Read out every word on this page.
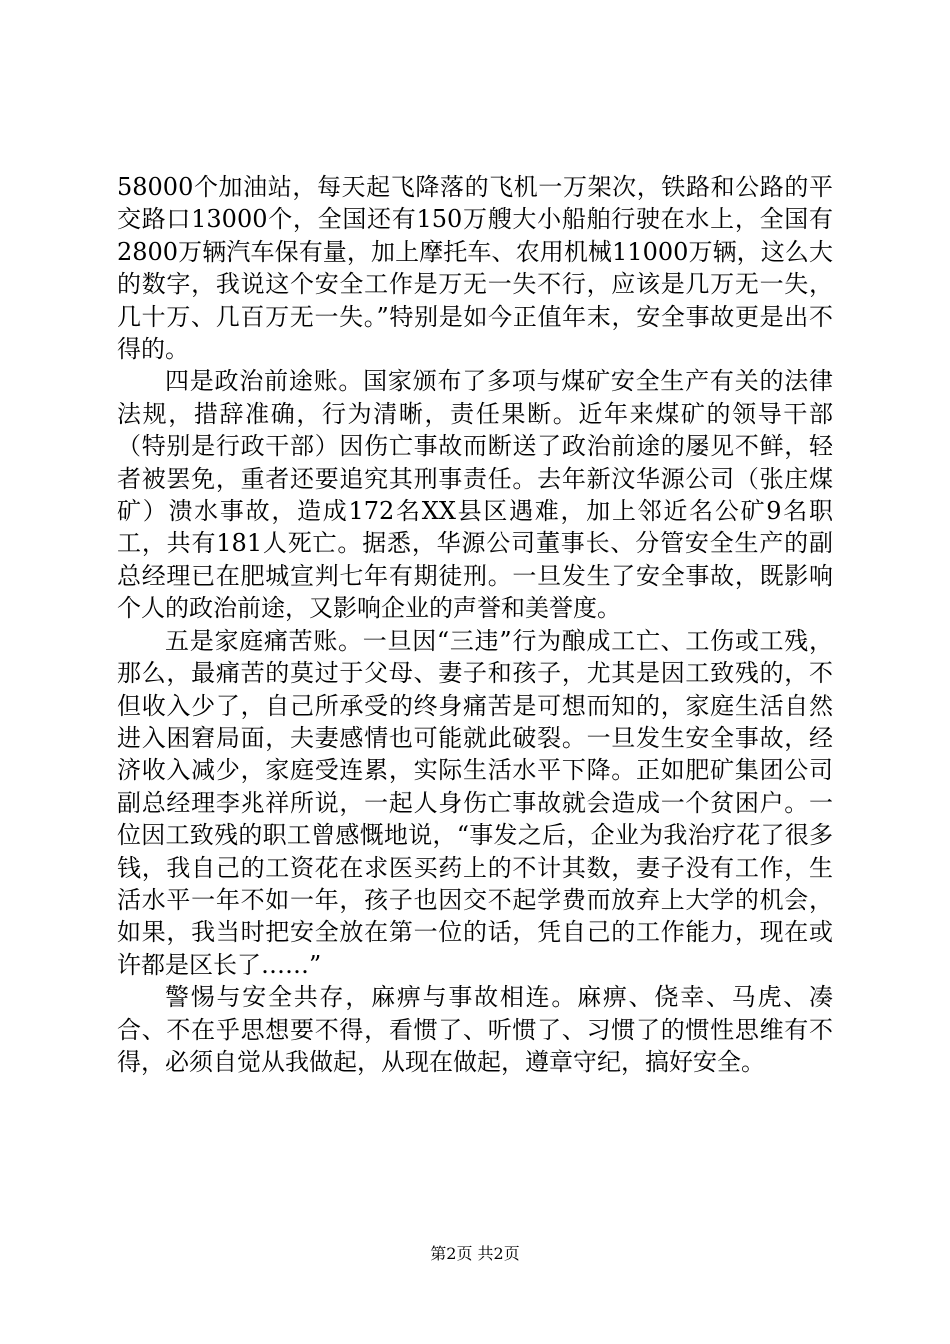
58000个加油站，每天起飞降落的飞机一万架次，铁路和公路的平交路口13000个，全国还有150万艘大小船舶行驶在水上，全国有2800万辆汽车保有量，加上摩托车、农用机械11000万辆，这么大的数字，我说这个安全工作是万无一失不行，应该是几万无一失，几十万、几百万无一失。”特别是如今正值年末，安全事故更是出不得的。

四是政治前途账。国家颁布了多项与煤矿安全生产有关的法律法规，措辞准确，行为清晰，责任果断。近年来煤矿的领导干部（特别是行政干部）因伤亡事故而断送了政治前途的屡见不鲜，轻者被罢免，重者还要追究其刑事责任。去年新汶华源公司（张庄煤矿）溃水事故，造成172名XX县区遇难，加上邻近名公矿9名职工，共有181人死亡。据悉，华源公司董事长、分管安全生产的副总经理已在肥城宣判七年有期徒刑。一旦发生了安全事故，既影响个人的政治前途，又影响企业的声誉和美誉度。

五是家庭痛苦账。一旦因“三违”行为酿成工亡、工伤或工残，那么，最痛苦的莫过于父母、妻子和孩子，尤其是因工致残的，不但收入少了，自己所承受的终身痛苦是可想而知的，家庭生活自然进入困窘局面，夫妻感情也可能就此破裂。一旦发生安全事故，经济收入减少，家庭受连累，实际生活水平下降。正如肥矿集团公司副总经理李兆祥所说，一起人身伤亡事故就会造成一个贫困户。一位因工致残的职工曾感慨地说，“事发之后，企业为我治疗花了很多钱，我自己的工资花在求医买药上的不计其数，妻子没有工作，生活水平一年不如一年，孩子也因交不起学费而放弃上大学的机会，如果，我当时把安全放在第一位的话，凭自己的工作能力，现在或许都是区长了……”

警惕与安全共存，麻痹与事故相连。麻痹、侥幸、马虎、凑合、不在乎思想要不得，看惯了、听惯了、习惯了的惯性思维有不得，必须自觉从我做起，从现在做起，遵章守纪，搞好安全。

第2页 共2页
